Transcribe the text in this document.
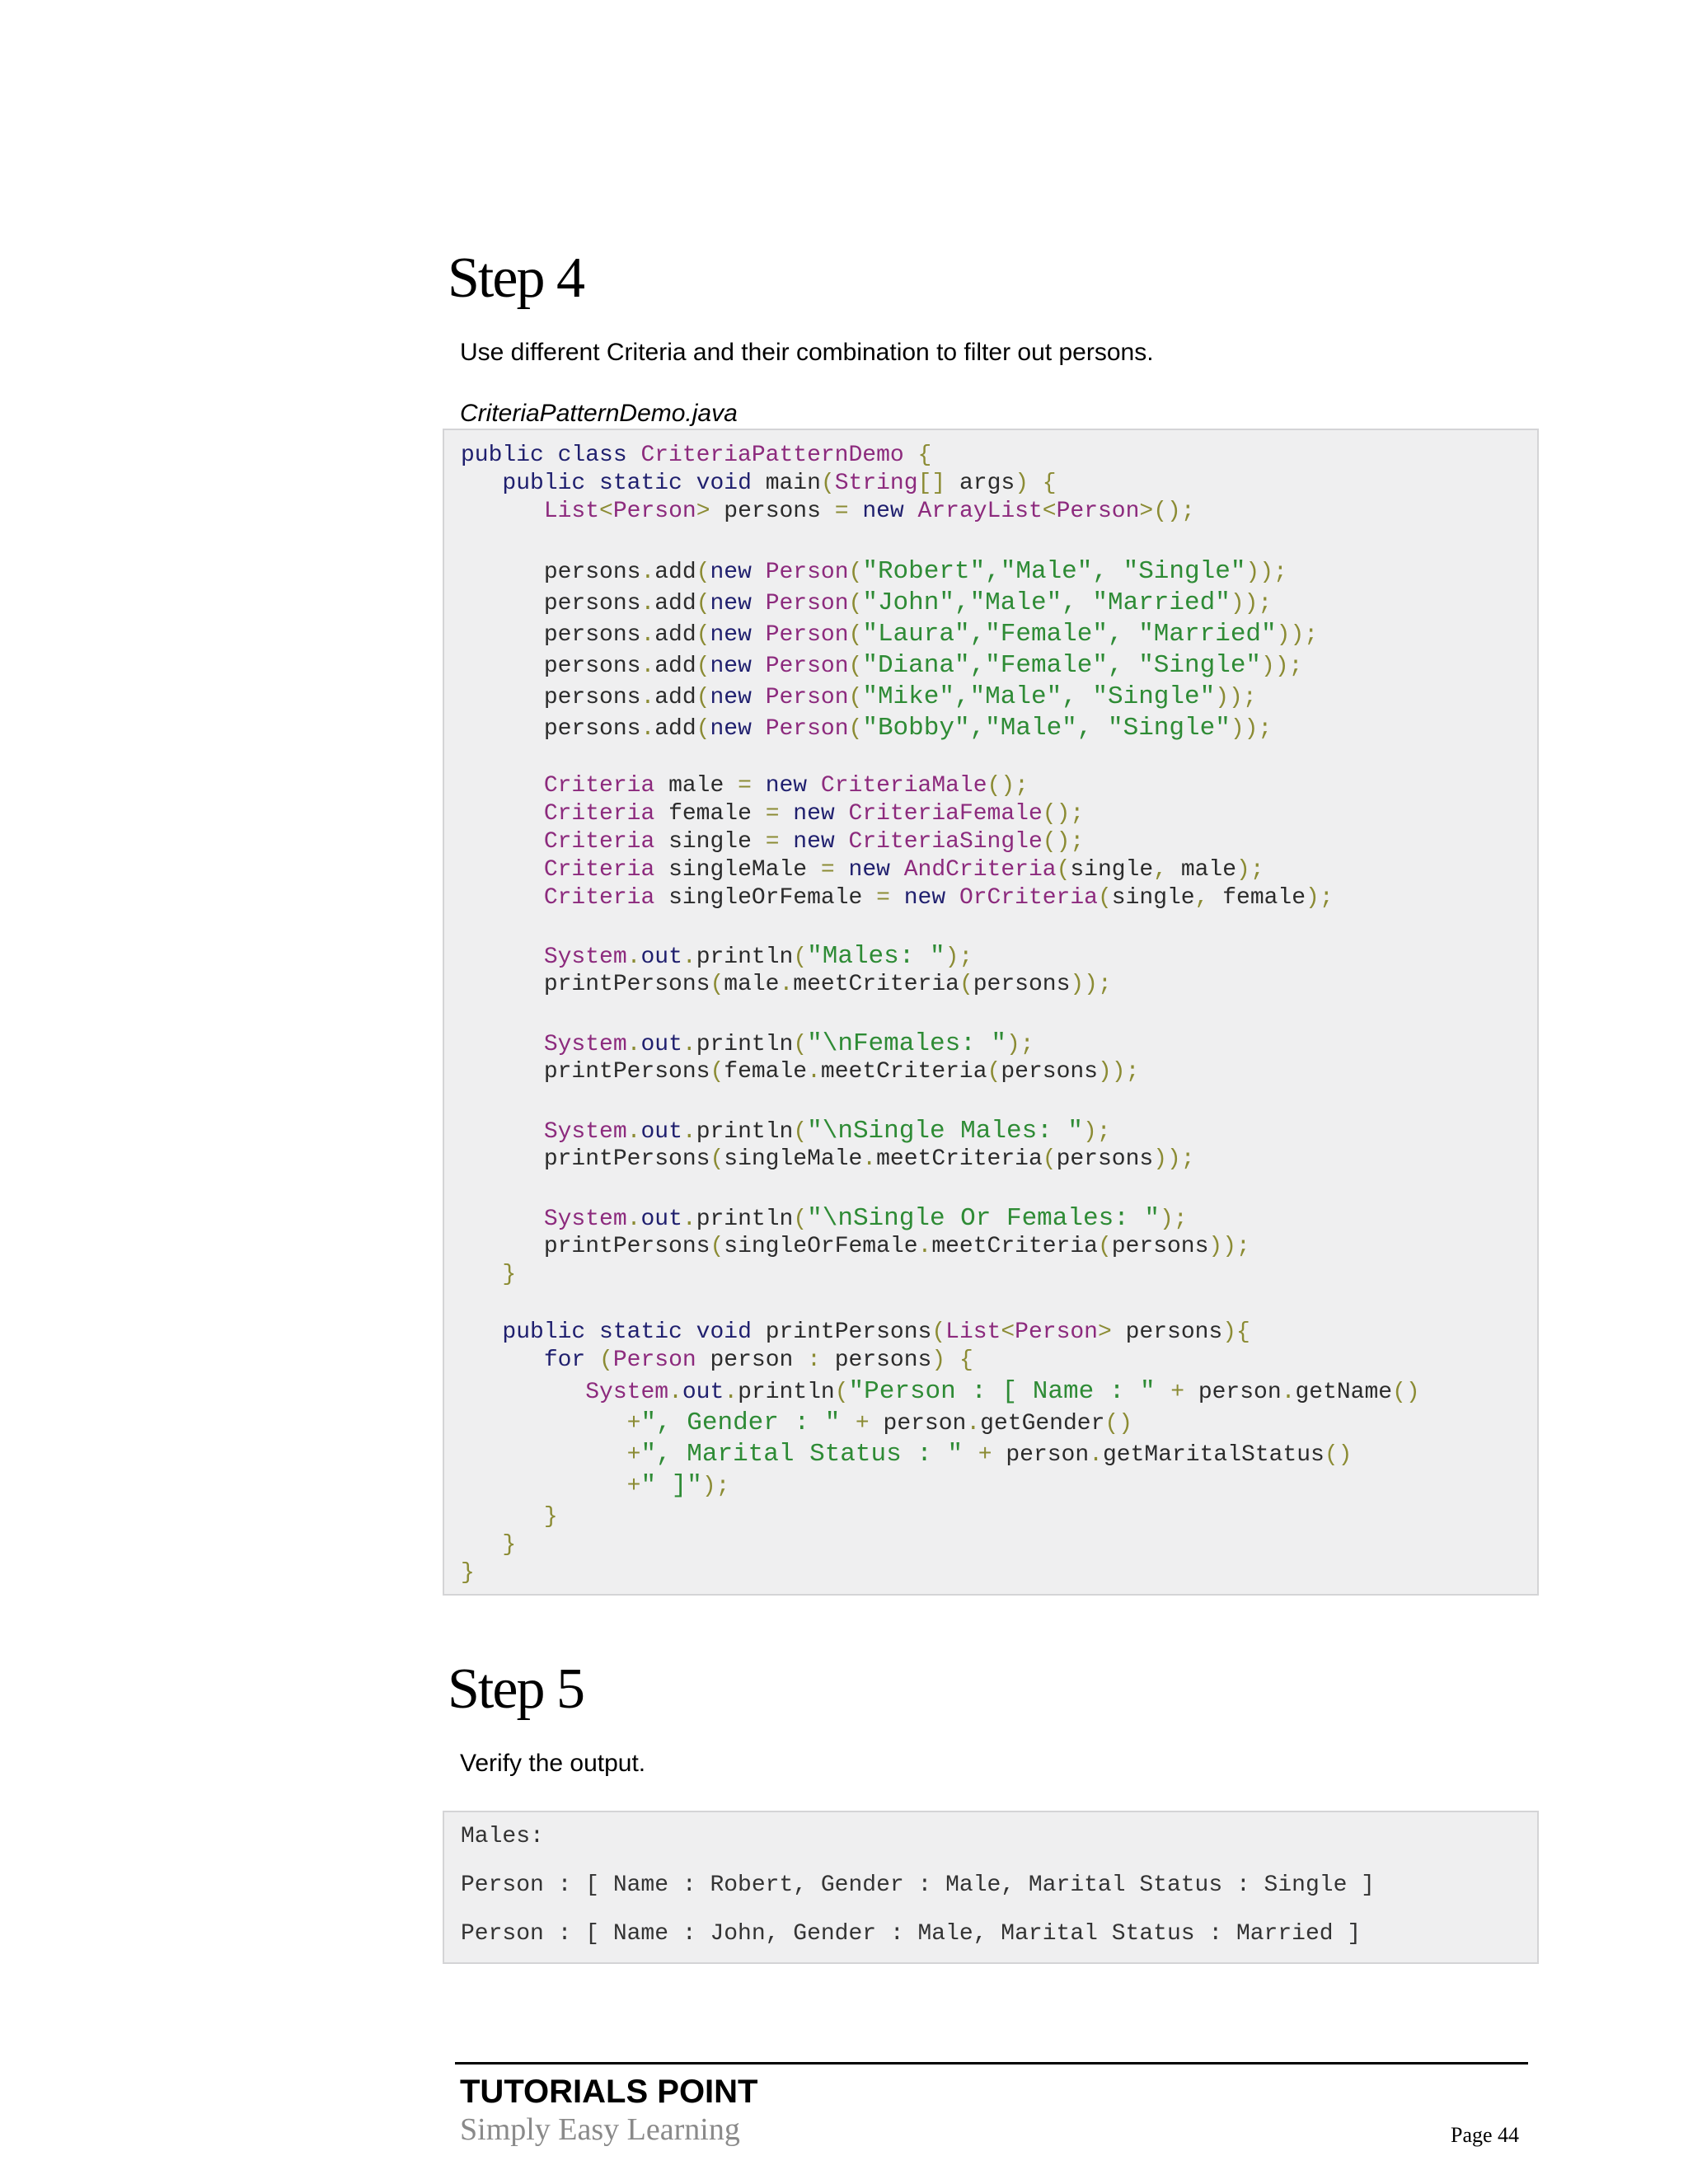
Step 4

Use different Criteria and their combination to filter out persons.

CriteriaPatternDemo.java
public class CriteriaPatternDemo {
public static void main(String[] args) {
List<Person> persons = new ArrayList<Person>();
persons.add(new Person("Robert","Male", "Single"));
persons.add(new Person("John","Male", "Married"));
persons.add(new Person("Laura","Female", "Married"));
persons.add(new Person("Diana","Female", "Single"));
persons.add(new Person("Mike","Male", "Single"));
persons.add(new Person("Bobby","Male", "Single"));
Criteria male = new CriteriaMale();
Criteria female = new CriteriaFemale();
Criteria single = new CriteriaSingle();
Criteria singleMale = new AndCriteria(single, male);
Criteria singleOrFemale = new OrCriteria(single, female);
System.out.println("Males: ");
printPersons(male.meetCriteria(persons));
System.out.println("\nFemales: ");
printPersons(female.meetCriteria(persons));
System.out.println("\nSingle Males: ");
printPersons(singleMale.meetCriteria(persons));
System.out.println("\nSingle Or Females: ");
printPersons(singleOrFemale.meetCriteria(persons));
}
public static void printPersons(List<Person> persons){
for (Person person : persons) {
System.out.println("Person : [ Name : " + person.getName()
+", Gender : " + person.getGender()
+", Marital Status : " + person.getMaritalStatus()
+" ]");
}
}
}
Step 5

Verify the output.

Males:
Person : [ Name : Robert, Gender : Male, Marital Status : Single ]
Person : [ Name : John, Gender : Male, Marital Status : Married ]
TUTORIALS POINT
Simply Easy Learning	Page 44
